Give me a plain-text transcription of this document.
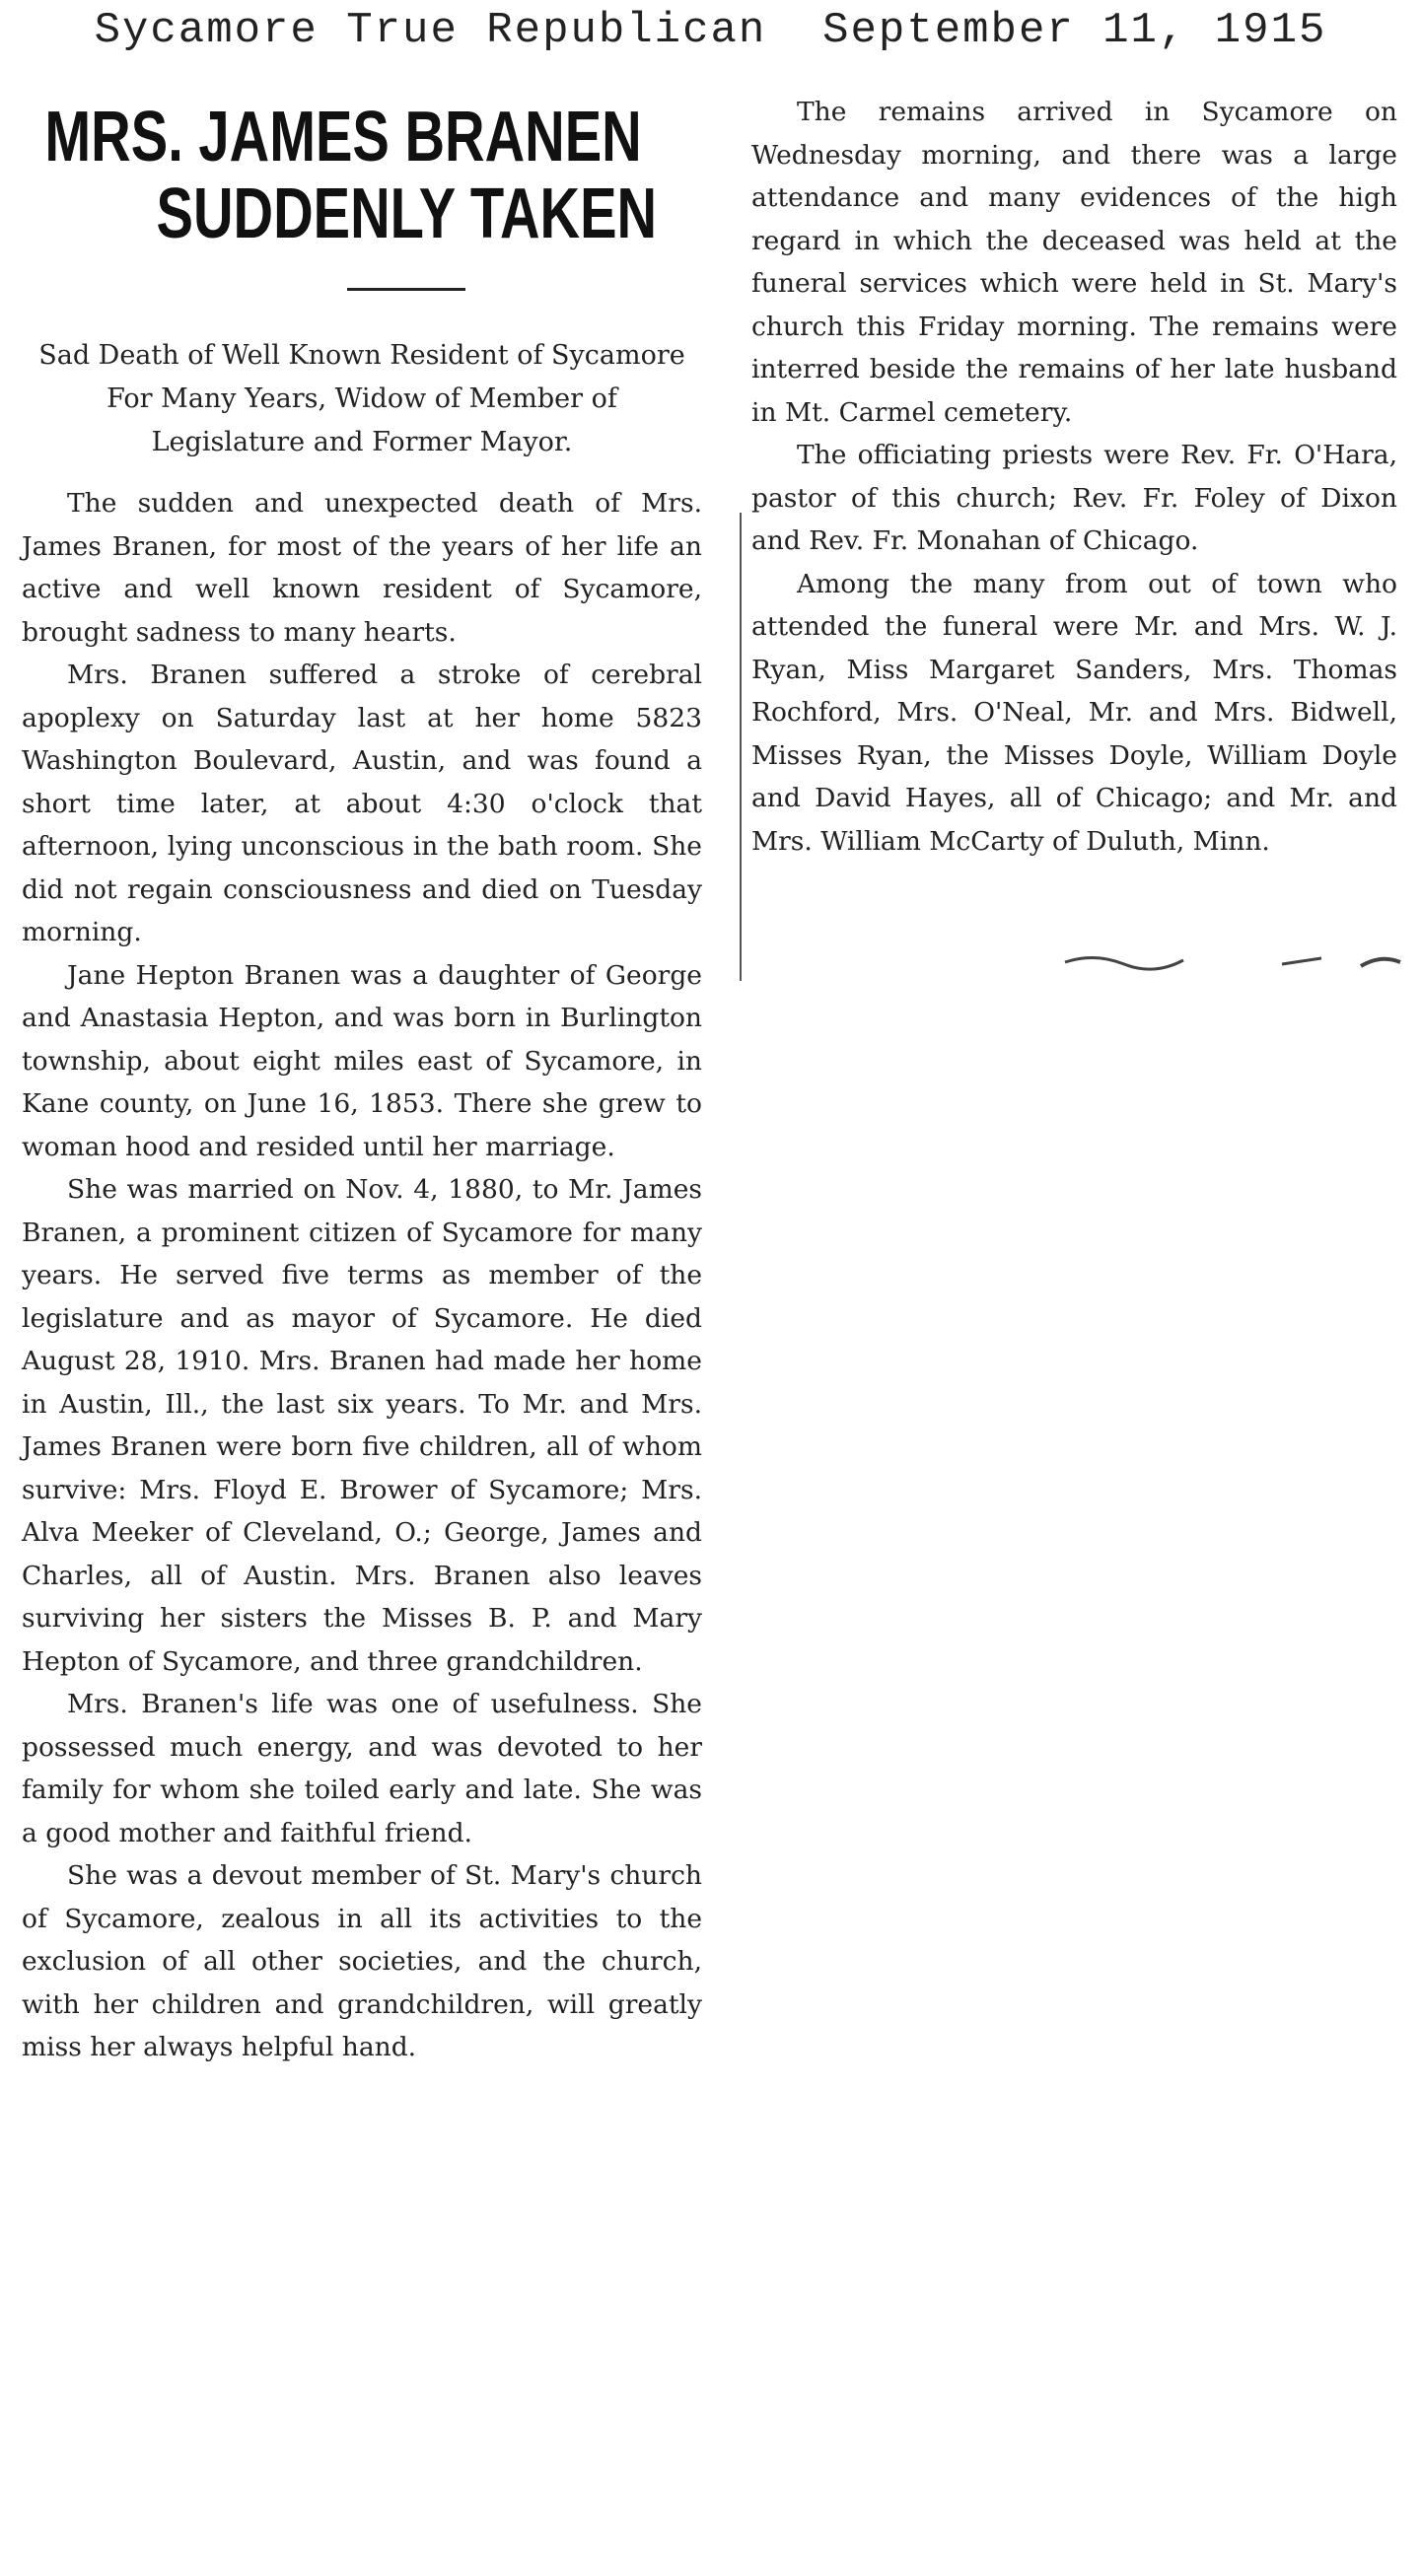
Sycamore True Republican September 11, 1915
MRS. JAMES BRANEN
SUDDENLY TAKEN
Sad Death of Well Known Resident of Sycamore For Many Years, Widow of Member of Legislature and Former Mayor.

The sudden and unexpected death of Mrs. James Branen, for most of the years of her life an active and well known resident of Sycamore, brought sadness to many hearts.

Mrs. Branen suffered a stroke of cerebral apoplexy on Saturday last at her home 5823 Washington Boulevard, Austin, and was found a short time later, at about 4:30 o'clock that afternoon, lying unconscious in the bath room. She did not regain consciousness and died on Tuesday morning.

Jane Hepton Branen was a daughter of George and Anastasia Hepton, and was born in Burlington township, about eight miles east of Sycamore, in Kane county, on June 16, 1853. There she grew to woman hood and resided until her marriage.

She was married on Nov. 4, 1880, to Mr. James Branen, a prominent citizen of Sycamore for many years. He served five terms as member of the legislature and as mayor of Sycamore. He died August 28, 1910. Mrs. Branen had made her home in Austin, Ill., the last six years. To Mr. and Mrs. James Branen were born five children, all of whom survive: Mrs. Floyd E. Brower of Sycamore; Mrs. Alva Meeker of Cleveland, O.; George, James and Charles, all of Austin. Mrs. Branen also leaves surviving her sisters the Misses B. P. and Mary Hepton of Sycamore, and three grandchildren.

Mrs. Branen's life was one of usefulness. She possessed much energy, and was devoted to her family for whom she toiled early and late. She was a good mother and faithful friend.

She was a devout member of St. Mary's church of Sycamore, zealous in all its activities to the exclusion of all other societies, and the church, with her children and grandchildren, will greatly miss her always helpful hand.

The remains arrived in Sycamore on Wednesday morning, and there was a large attendance and many evidences of the high regard in which the deceased was held at the funeral services which were held in St. Mary's church this Friday morning. The remains were interred beside the remains of her late husband in Mt. Carmel cemetery.

The officiating priests were Rev. Fr. O'Hara, pastor of this church; Rev. Fr. Foley of Dixon and Rev. Fr. Monahan of Chicago.

Among the many from out of town who attended the funeral were Mr. and Mrs. W. J. Ryan, Miss Margaret Sanders, Mrs. Thomas Rochford, Mrs. O'Neal, Mr. and Mrs. Bidwell, Misses Ryan, the Misses Doyle, William Doyle and David Hayes, all of Chicago; and Mr. and Mrs. William McCarty of Duluth, Minn.
